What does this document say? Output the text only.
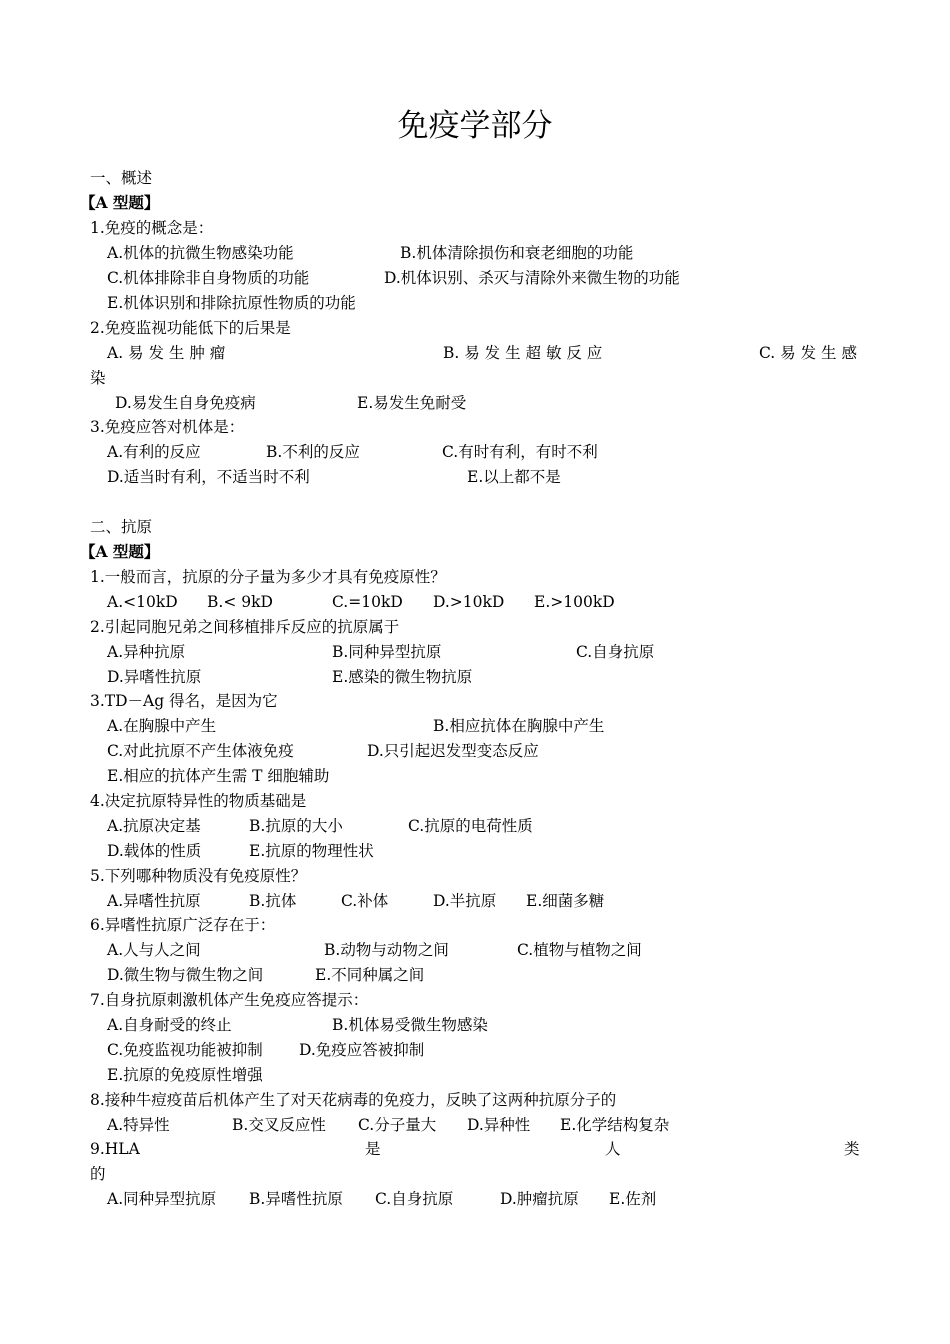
免疫学部分
一、概述
【A 型题】
1.免疫的概念是：
A.机体的抗微生物感染功能	B.机体清除损伤和衰老细胞的功能
C.机体排除非自身物质的功能	D.机体识别、杀灭与清除外来微生物的功能
E.机体识别和排除抗原性物质的功能
2.免疫监视功能低下的后果是
A. 易 发 生 肿 瘤	B. 易 发 生 超 敏 反 应	C. 易 发 生 感
染
D.易发生自身免疫病	E.易发生免耐受
3.免疫应答对机体是：
A.有利的反应	B.不利的反应	C.有时有利，有时不利
D.适当时有利，不适当时不利	E.以上都不是
二、抗原
【A 型题】
1.一般而言，抗原的分子量为多少才具有免疫原性？
A.<10kD B.< 9kD	C.=10kD D.>10kD E.>100kD
2.引起同胞兄弟之间移植排斥反应的抗原属于
A.异种抗原	B.同种异型抗原	C.自身抗原
D.异嗜性抗原	E.感染的微生物抗原
3.TD－Ag 得名，是因为它
A.在胸腺中产生	B.相应抗体在胸腺中产生
C.对此抗原不产生体液免疫	D.只引起迟发型变态反应
E.相应的抗体产生需 T 细胞辅助
4.决定抗原特异性的物质基础是
A.抗原决定基	B.抗原的大小	C.抗原的电荷性质
D.载体的性质	E.抗原的物理性状
5.下列哪种物质没有免疫原性？
A.异嗜性抗原	B.抗体	C.补体	D.半抗原 E.细菌多糖
6.异嗜性抗原广泛存在于：
A.人与人之间	B.动物与动物之间	C.植物与植物之间
D.微生物与微生物之间	E.不同种属之间
7.自身抗原刺激机体产生免疫应答提示：
A.自身耐受的终止	B.机体易受微生物感染
C.免疫监视功能被抑制 D.免疫应答被抑制
E.抗原的免疫原性增强
8.接种牛痘疫苗后机体产生了对天花病毒的免疫力，反映了这两种抗原分子的
A.特异性	B.交叉反应性 C.分子量大 D.异种性 E.化学结构复杂
9.HLA	是	人	类
的
A.同种异型抗原 B.异嗜性抗原 C.自身抗原	D.肿瘤抗原 E.佐剂
